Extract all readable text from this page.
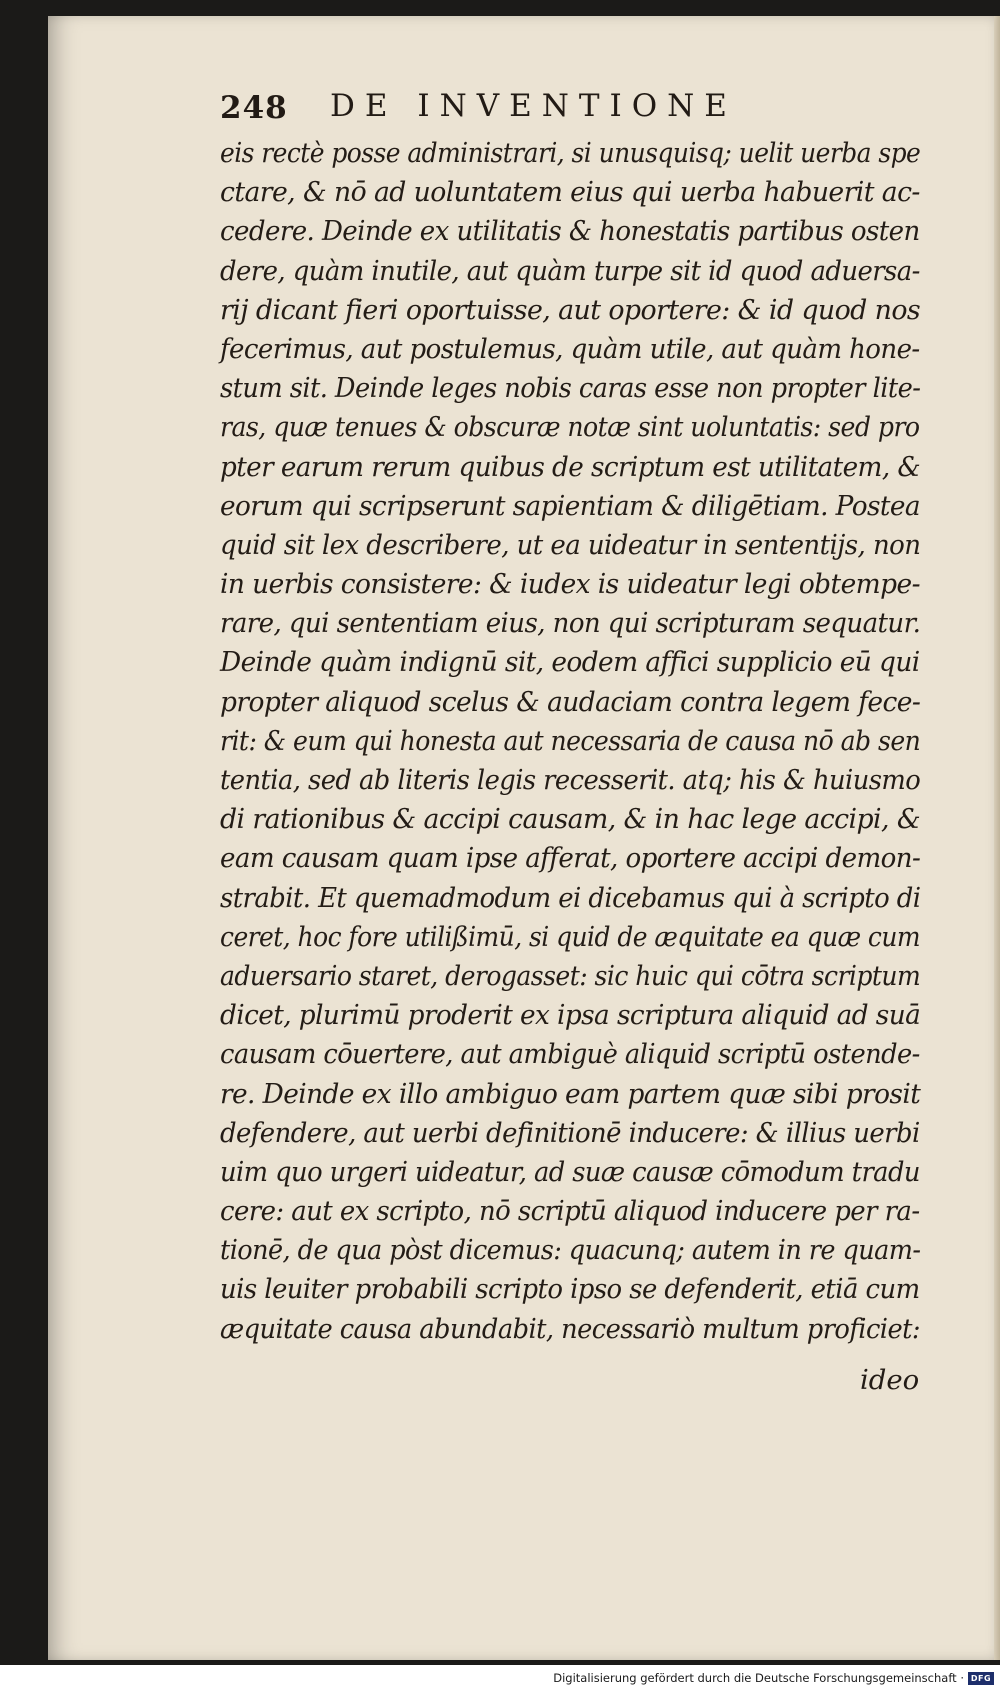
248 DE INVENTIONE
eis rectè posse administrari, si unusquisq; uelit uerba spe
ctare, & nō ad uoluntatem eius qui uerba habuerit ac-
cedere. Deinde ex utilitatis & honestatis partibus osten
dere, quàm inutile, aut quàm turpe sit id quod aduersa-
rij dicant fieri oportuisse, aut oportere: & id quod nos
fecerimus, aut postulemus, quàm utile, aut quàm hone-
stum sit. Deinde leges nobis caras esse non propter lite-
ras, quæ tenues & obscuræ notæ sint uoluntatis: sed pro
pter earum rerum quibus de scriptum est utilitatem, &
eorum qui scripserunt sapientiam & diligētiam. Postea
quid sit lex describere, ut ea uideatur in sententijs, non
in uerbis consistere: & iudex is uideatur legi obtempe-
rare, qui sententiam eius, non qui scripturam sequatur.
Deinde quàm indignū sit, eodem affici supplicio eū qui
propter aliquod scelus & audaciam contra legem fece-
rit: & eum qui honesta aut necessaria de causa nō ab sen
tentia, sed ab literis legis recesserit. atq; his & huiusmo
di rationibus & accipi causam, & in hac lege accipi, &
eam causam quam ipse afferat, oportere accipi demon-
strabit. Et quemadmodum ei dicebamus qui à scripto di
ceret, hoc fore utilißimū, si quid de æquitate ea quæ cum
aduersario staret, derogasset: sic huic qui cōtra scriptum
dicet, plurimū proderit ex ipsa scriptura aliquid ad suā
causam cōuertere, aut ambiguè aliquid scriptū ostende-
re. Deinde ex illo ambiguo eam partem quæ sibi prosit
defendere, aut uerbi definitionē inducere: & illius uerbi
uim quo urgeri uideatur, ad suæ causæ cōmodum tradu
cere: aut ex scripto, nō scriptū aliquod inducere per ra-
tionē, de qua pòst dicemus: quacunq; autem in re quam-
uis leuiter probabili scripto ipso se defenderit, etiā cum
æquitate causa abundabit, necessariò multum proficiet:
ideo
Digitalisierung gefördert durch die Deutsche Forschungsgemeinschaft · DFG
